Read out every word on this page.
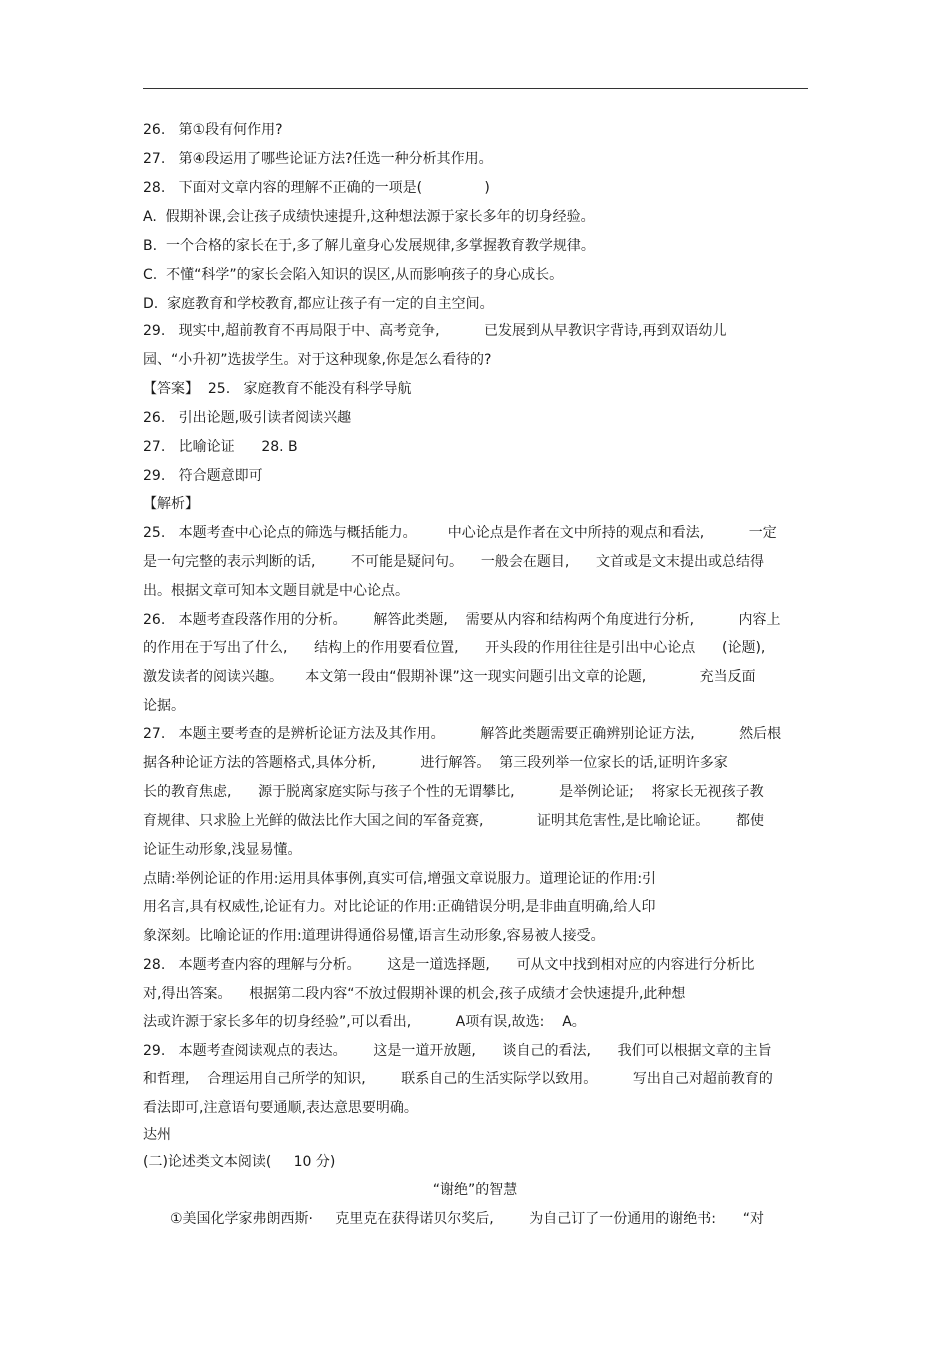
26.   第①段有何作用?
27.   第④段运用了哪些论证方法?任选一种分析其作用。
28.   下面对文章内容的理解不正确的一项是(              )
A.  假期补课,会让孩子成绩快速提升,这种想法源于家长多年的切身经验。
B.  一个合格的家长在于,多了解儿童身心发展规律,多掌握教育教学规律。
C.  不懂“科学”的家长会陷入知识的误区,从而影响孩子的身心成长。
D.  家庭教育和学校教育,都应让孩子有一定的自主空间。
29.   现实中,超前教育不再局限于中、高考竞争,          已发展到从早教识字背诗,再到双语幼儿
园、“小升初”选拔学生。对于这种现象,你是怎么看待的?
【答案】  25.   家庭教育不能没有科学导航
26.   引出论题,吸引读者阅读兴趣
27.   比喻论证      28. B
29.   符合题意即可
【解析】
25.   本题考查中心论点的筛选与概括能力。       中心论点是作者在文中所持的观点和看法,          一定
是一句完整的表示判断的话,        不可能是疑问句。    一般会在题目,      文首或是文末提出或总结得
出。根据文章可知本文题目就是中心论点。
26.   本题考查段落作用的分析。      解答此类题,    需要从内容和结构两个角度进行分析,          内容上
的作用在于写出了什么,      结构上的作用要看位置,      开头段的作用往往是引出中心论点      (论题),
激发读者的阅读兴趣。     本文第一段由“假期补课”这一现实问题引出文章的论题,            充当反面
论据。
27.   本题主要考查的是辨析论证方法及其作用。        解答此类题需要正确辨别论证方法,          然后根
据各种论证方法的答题格式,具体分析,          进行解答。  第三段列举一位家长的话,证明许多家
长的教育焦虑,      源于脱离家庭实际与孩子个性的无谓攀比,          是举例论证;    将家长无视孩子教
育规律、只求脸上光鲜的做法比作大国之间的军备竞赛,            证明其危害性,是比喻论证。      都使
论证生动形象,浅显易懂。
点睛:举例论证的作用:运用具体事例,真实可信,增强文章说服力。道理论证的作用:引
用名言,具有权威性,论证有力。对比论证的作用:正确错误分明,是非曲直明确,给人印
象深刻。比喻论证的作用:道理讲得通俗易懂,语言生动形象,容易被人接受。
28.   本题考查内容的理解与分析。      这是一道选择题,      可从文中找到相对应的内容进行分析比
对,得出答案。    根据第二段内容“不放过假期补课的机会,孩子成绩才会快速提升,此种想
法或许源于家长多年的切身经验”,可以看出,          A项有误,故选:    A。
29.   本题考查阅读观点的表达。      这是一道开放题,      谈自己的看法,      我们可以根据文章的主旨
和哲理,    合理运用自己所学的知识,        联系自己的生活实际学以致用。        写出自己对超前教育的
看法即可,注意语句要通顺,表达意思要明确。
达州
(二)论述类文本阅读(     10 分)
“谢绝”的智慧
①美国化学家弗朗西斯·     克里克在获得诺贝尔奖后,        为自己订了一份通用的谢绝书:      “对
